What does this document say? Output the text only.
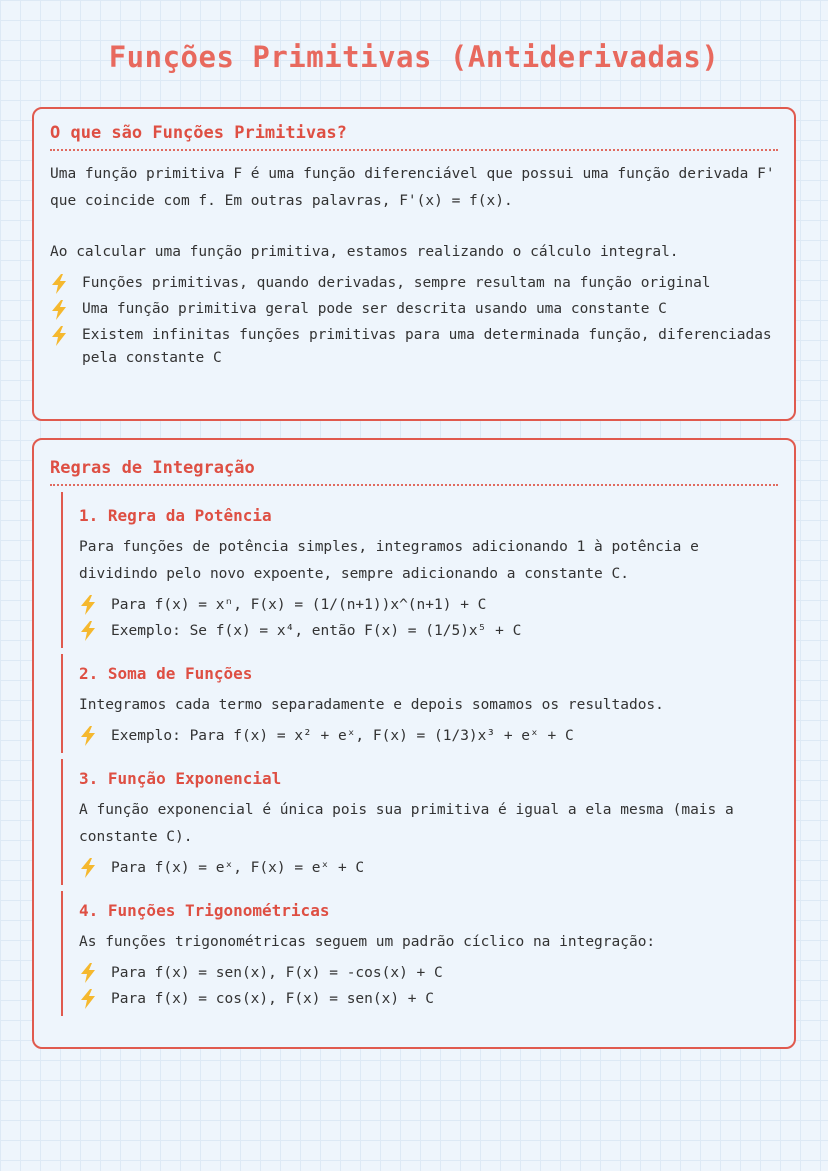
Funções Primitivas (Antiderivadas)
O que são Funções Primitivas?

Uma função primitiva F é uma função diferenciável que possui uma função derivada F' que coincide com f. Em outras palavras, F'(x) = f(x).

Ao calcular uma função primitiva, estamos realizando o cálculo integral.

Funções primitivas, quando derivadas, sempre resultam na função original
Uma função primitiva geral pode ser descrita usando uma constante C
Existem infinitas funções primitivas para uma determinada função, diferenciadas pela constante C
Regras de Integração
1. Regra da Potência

Para funções de potência simples, integramos adicionando 1 à potência e dividindo pelo novo expoente, sempre adicionando a constante C.

Para f(x) = xⁿ, F(x) = (1/(n+1))x^(n+1) + C
Exemplo: Se f(x) = x⁴, então F(x) = (1/5)x⁵ + C
2. Soma de Funções

Integramos cada termo separadamente e depois somamos os resultados.

Exemplo: Para f(x) = x² + eˣ, F(x) = (1/3)x³ + eˣ + C
3. Função Exponencial

A função exponencial é única pois sua primitiva é igual a ela mesma (mais a constante C).

Para f(x) = eˣ, F(x) = eˣ + C
4. Funções Trigonométricas

As funções trigonométricas seguem um padrão cíclico na integração:

Para f(x) = sen(x), F(x) = -cos(x) + C
Para f(x) = cos(x), F(x) = sen(x) + C
